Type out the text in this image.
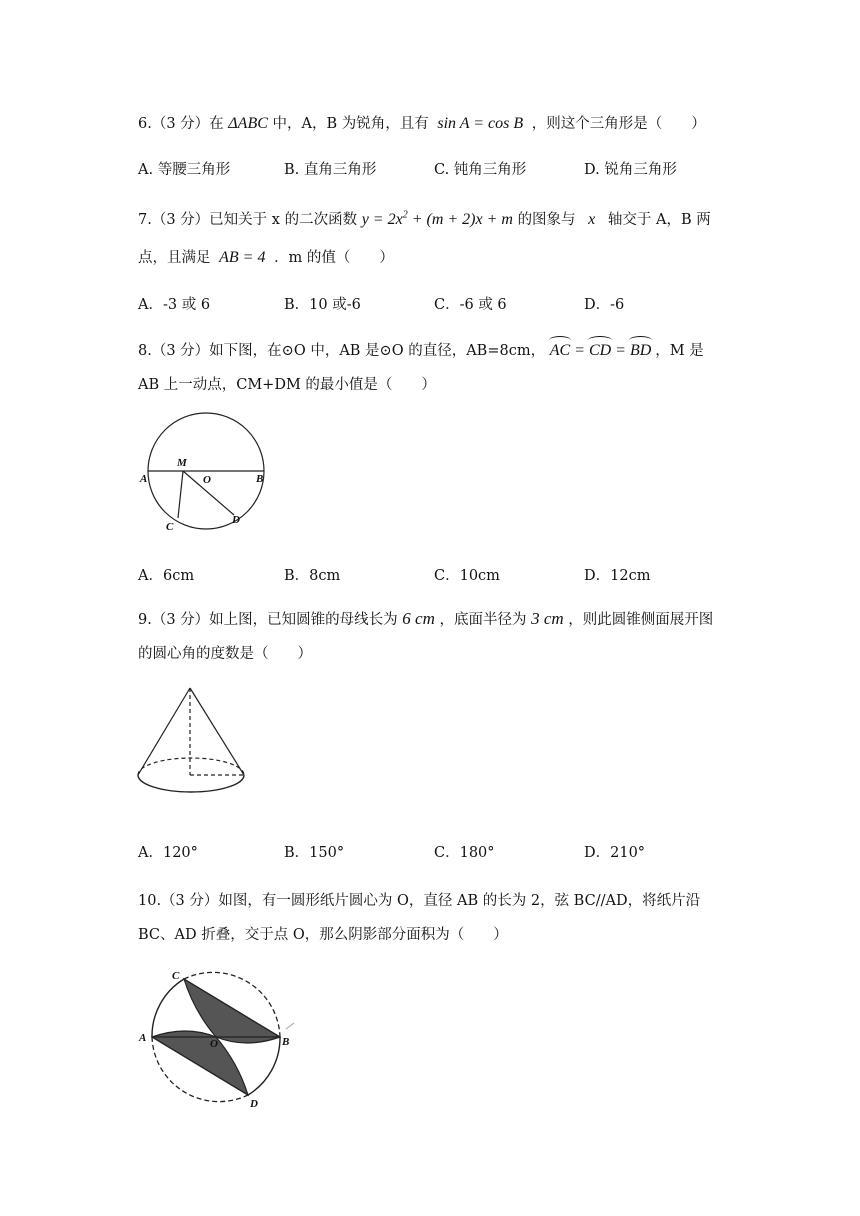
6.（3 分）在 ΔABC 中，A，B 为锐角，且有 sin A = cos B ，则这个三角形是（　　）
A. 等腰三角形	B. 直角三角形	C. 钝角三角形	D. 锐角三角形
7.（3 分）已知关于 x 的二次函数 $y = 2x^2 + (m + 2)x + m$ 的图象与 x 轴交于 A，B 两
点，且满足 AB = 4 ．m 的值（　　）
A．-3 或 6	B．10 或-6	C．-6 或 6	D．-6
8.（3 分）如下图，在⊙O 中，AB 是⊙O 的直径，AB=8cm， AC = CD = BD ，M 是
AB 上一动点，CM+DM 的最小值是（　　）
M
O
A	B
C
D
A．6cm	B．8cm	C．10cm	D．12cm
9.（3 分）如上图，已知圆锥的母线长为 6 cm ，底面半径为 3 cm ，则此圆锥侧面展开图
的圆心角的度数是（　　）
A．120°	B．150°	C．180°	D．210°
10.（3 分）如图，有一圆形纸片圆心为 O，直径 AB 的长为 2，弦 BC//AD，将纸片沿
BC、AD 折叠，交于点 O，那么阴影部分面积为（　　）
C
A	O	B
D
